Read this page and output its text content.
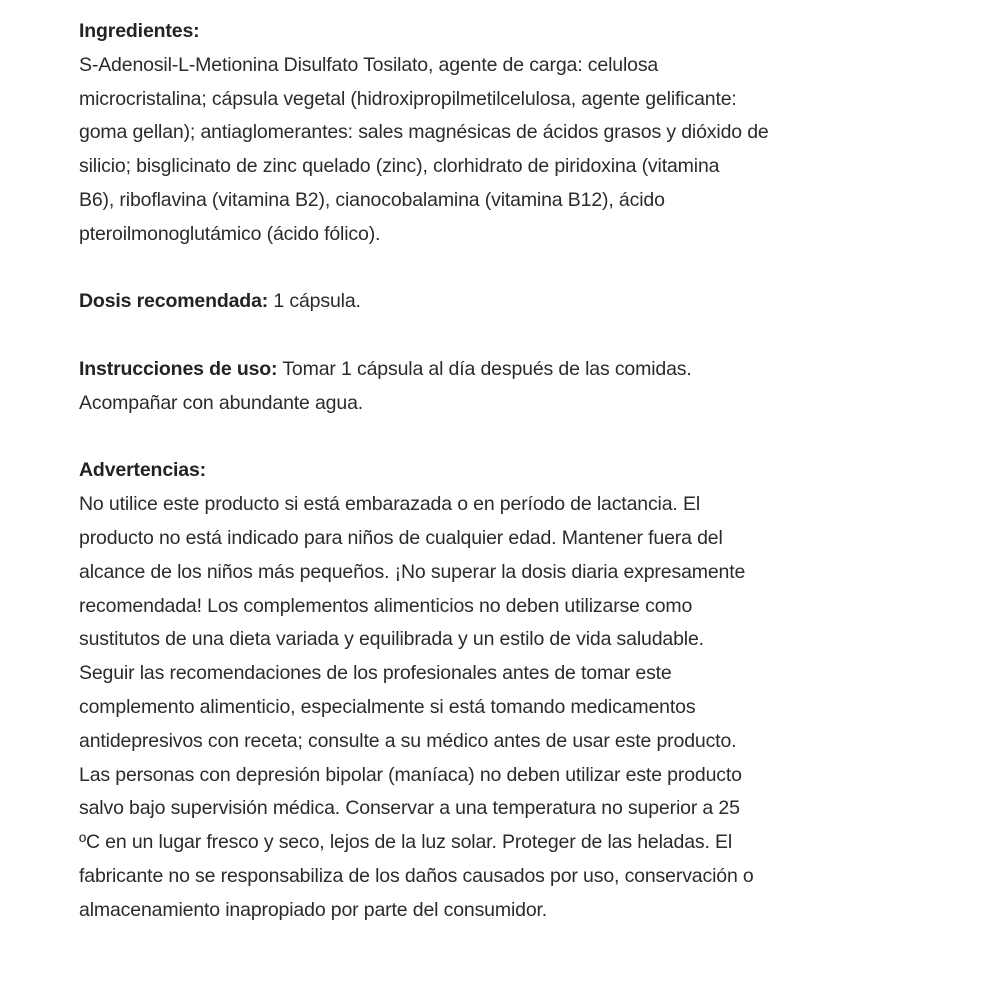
Ingredientes:
S-Adenosil-L-Metionina Disulfato Tosilato, agente de carga: celulosa
microcristalina; cápsula vegetal (hidroxipropilmetilcelulosa, agente gelificante:
goma gellan); antiaglomerantes: sales magnésicas de ácidos grasos y dióxido de
silicio; bisglicinato de zinc quelado (zinc), clorhidrato de piridoxina (vitamina
B6), riboflavina (vitamina B2), cianocobalamina (vitamina B12), ácido
pteroilmonoglutámico (ácido fólico).
Dosis recomendada: 1 cápsula.
Instrucciones de uso: Tomar 1 cápsula al día después de las comidas.
Acompañar con abundante agua.
Advertencias:
No utilice este producto si está embarazada o en período de lactancia. El
producto no está indicado para niños de cualquier edad. Mantener fuera del
alcance de los niños más pequeños. ¡No superar la dosis diaria expresamente
recomendada! Los complementos alimenticios no deben utilizarse como
sustitutos de una dieta variada y equilibrada y un estilo de vida saludable.
Seguir las recomendaciones de los profesionales antes de tomar este
complemento alimenticio, especialmente si está tomando medicamentos
antidepresivos con receta; consulte a su médico antes de usar este producto.
Las personas con depresión bipolar (maníaca) no deben utilizar este producto
salvo bajo supervisión médica. Conservar a una temperatura no superior a 25
ºC en un lugar fresco y seco, lejos de la luz solar. Proteger de las heladas. El
fabricante no se responsabiliza de los daños causados por uso, conservación o
almacenamiento inapropiado por parte del consumidor.
